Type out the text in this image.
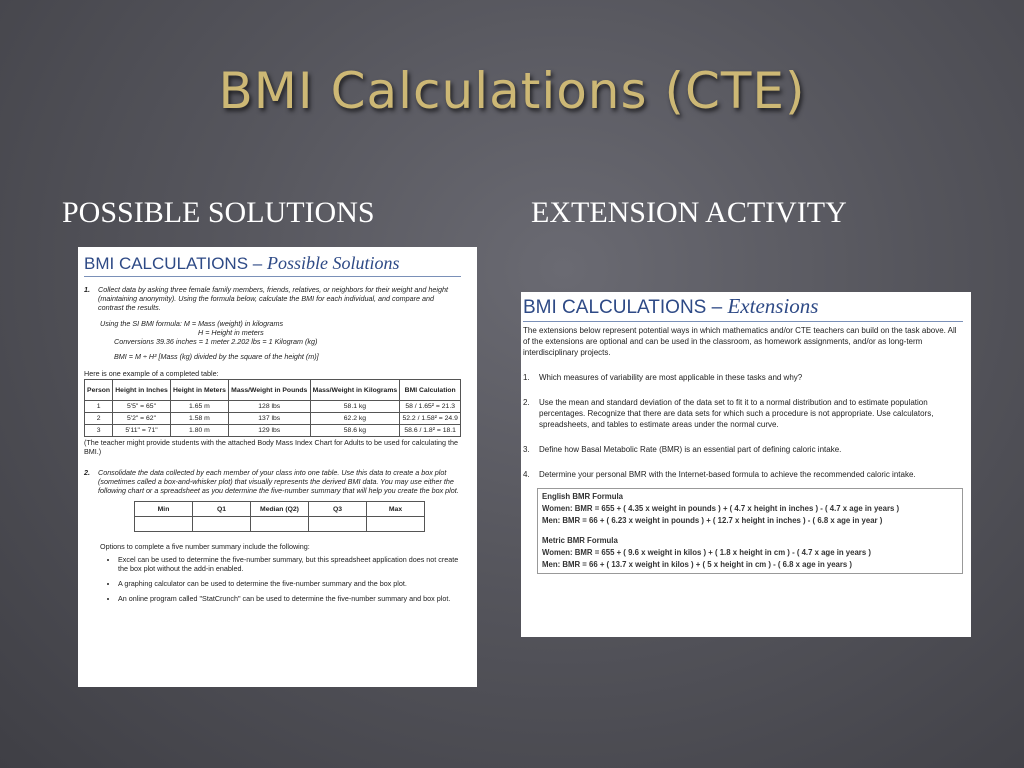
BMI Calculations (CTE)
POSSIBLE SOLUTIONS	EXTENSION ACTIVITY
BMI CALCULATIONS – Possible Solutions
1.	Collect data by asking three female family members, friends, relatives, or neighbors for their weight and height (maintaining anonymity). Using the formula below, calculate the BMI for each individual, and compare and contrast the results.
Using the SI BMI formula: M = Mass (weight) in kilograms
H = Height in meters
Conversions 39.36 inches = 1 meter 2.202 lbs = 1 Kilogram (kg)
BMI = M ÷ H² [Mass (kg) divided by the square of the height (m)]
Here is one example of a completed table:
Person	Height in Inches	Height in Meters	Mass/Weight in Pounds	Mass/Weight in Kilograms	BMI Calculation
1	5'5" = 65"	1.65 m	128 lbs	58.1 kg	58 / 1.65² = 21.3
2	5'2" = 62"	1.58 m	137 lbs	62.2 kg	52.2 / 1.58² = 24.9
3	5'11" = 71"	1.80 m	129 lbs	58.6 kg	58.6 / 1.8² = 18.1
(The teacher might provide students with the attached Body Mass Index Chart for Adults to be used for calculating the BMI.)
2.	Consolidate the data collected by each member of your class into one table. Use this data to create a box plot (sometimes called a box-and-whisker plot) that visually represents the derived BMI data. You may use either the following chart or a spreadsheet as you determine the five-number summary that will help you create the box plot.
Min	Q1	Median (Q2)	Q3	Max

Options to complete a five number summary include the following:
• Excel can be used to determine the five-number summary, but this spreadsheet application does not create the box plot without the add-in enabled.
• A graphing calculator can be used to determine the five-number summary and the box plot.
• An online program called "StatCrunch" can be used to determine the five-number summary and box plot.
BMI CALCULATIONS – Extensions
The extensions below represent potential ways in which mathematics and/or CTE teachers can build on the task above. All of the extensions are optional and can be used in the classroom, as homework assignments, and/or as long-term interdisciplinary projects.
1.	Which measures of variability are most applicable in these tasks and why?
2.	Use the mean and standard deviation of the data set to fit it to a normal distribution and to estimate population percentages. Recognize that there are data sets for which such a procedure is not appropriate. Use calculators, spreadsheets, and tables to estimate areas under the normal curve.
3.	Define how Basal Metabolic Rate (BMR) is an essential part of defining caloric intake.
4.	Determine your personal BMR with the Internet-based formula to achieve the recommended caloric intake.
English BMR Formula
Women: BMR = 655 + ( 4.35 x weight in pounds ) + ( 4.7 x height in inches ) - ( 4.7 x age in years )
Men: BMR = 66 + ( 6.23 x weight in pounds ) + ( 12.7 x height in inches ) - ( 6.8 x age in year )
Metric BMR Formula
Women: BMR = 655 + ( 9.6 x weight in kilos ) + ( 1.8 x height in cm ) - ( 4.7 x age in years )
Men: BMR = 66 + ( 13.7 x weight in kilos ) + ( 5 x height in cm ) - ( 6.8 x age in years )
